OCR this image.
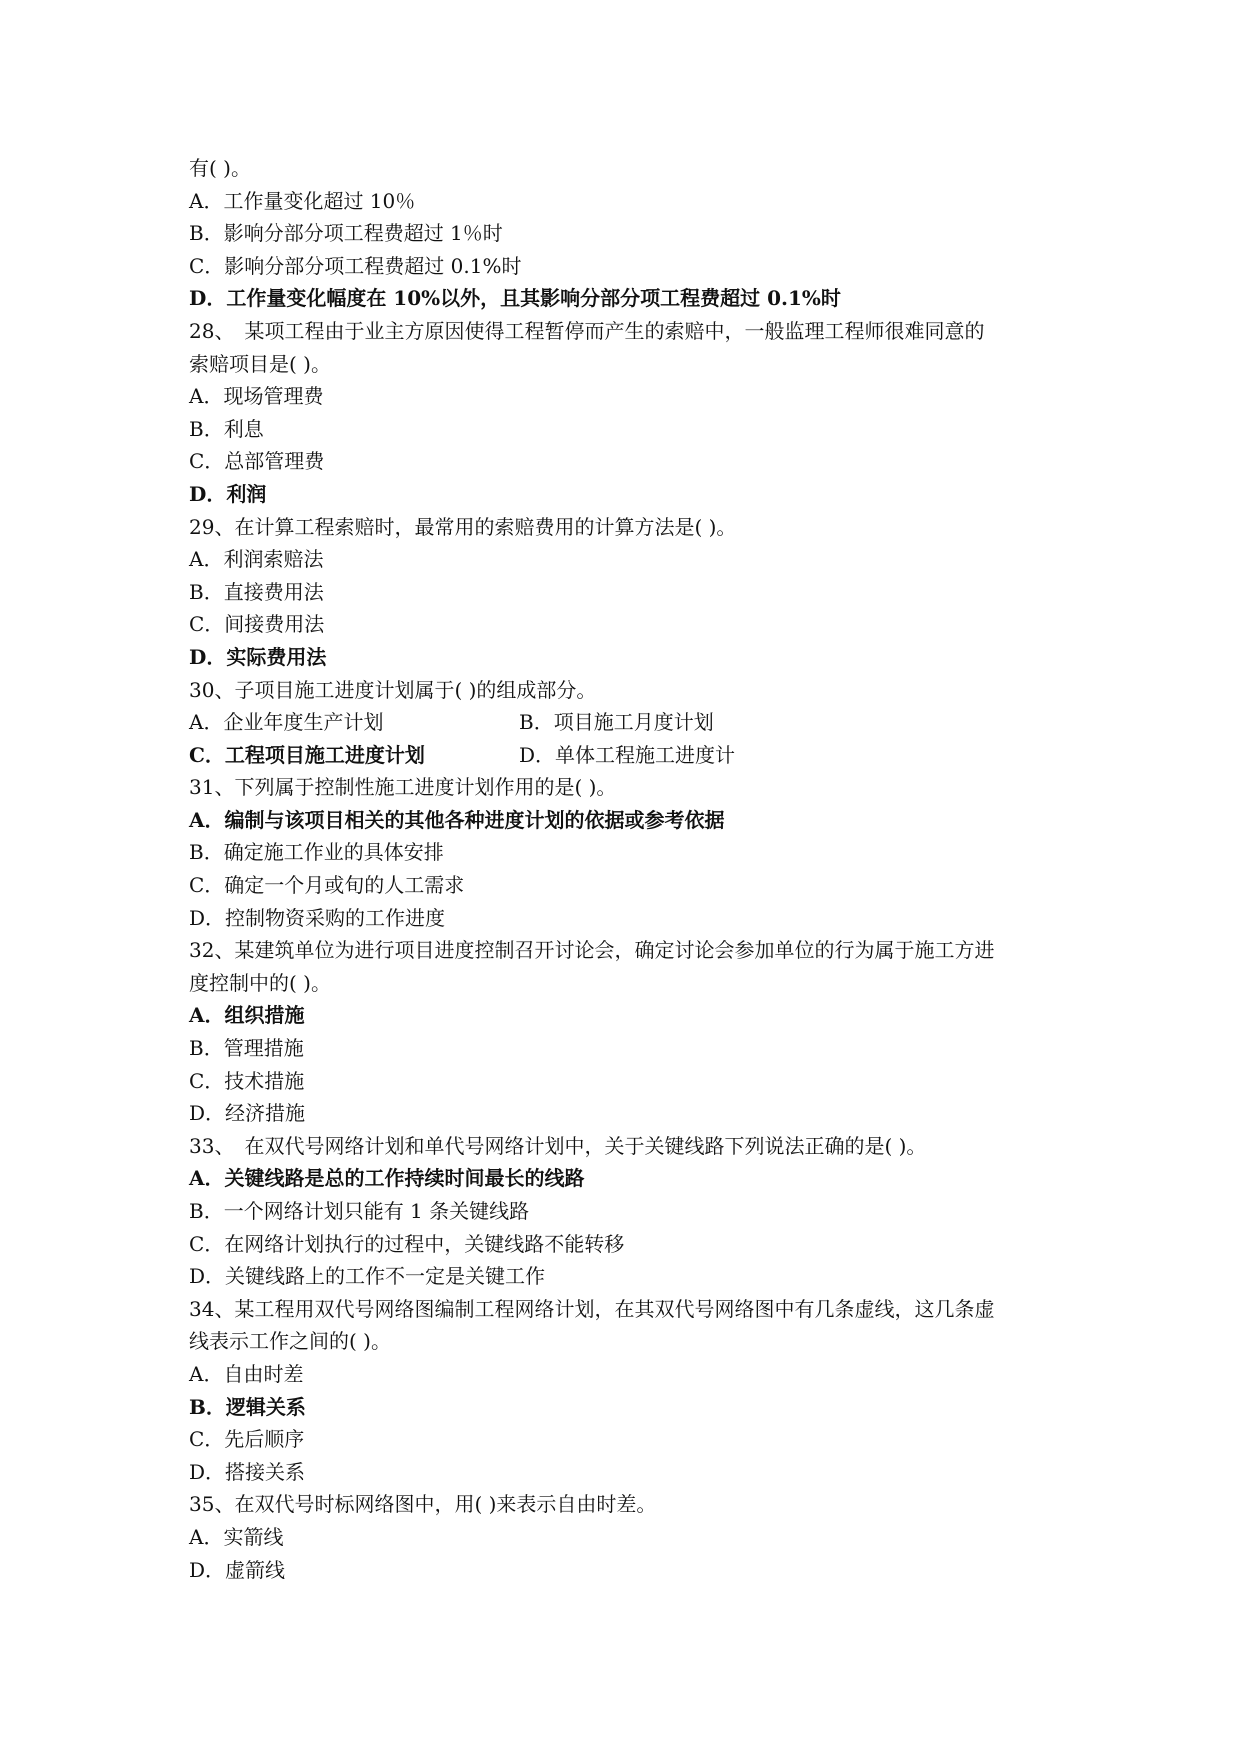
有( )。
A．工作量变化超过 10％
B．影响分部分项工程费超过 1％时
C．影响分部分项工程费超过 0.1%时
D．工作量变化幅度在 10%以外，且其影响分部分项工程费超过 0.1%时
28、　某项工程由于业主方原因使得工程暂停而产生的索赔中，一般监理工程师很难同意的
索赔项目是( )。
A．现场管理费
B．利息
C．总部管理费
D．利润
29、在计算工程索赔时，最常用的索赔费用的计算方法是( )。
A．利润索赔法
B．直接费用法
C．间接费用法
D．实际费用法
30、子项目施工进度计划属于( )的组成部分。
A．企业年度生产计划	B．项目施工月度计划
C．工程项目施工进度计划	D．单体工程施工进度计
31、下列属于控制性施工进度计划作用的是( )。
A．编制与该项目相关的其他各种进度计划的依据或参考依据
B．确定施工作业的具体安排
C．确定一个月或旬的人工需求
D．控制物资采购的工作进度
32、某建筑单位为进行项目进度控制召开讨论会，确定讨论会参加单位的行为属于施工方进
度控制中的( )。
A．组织措施
B．管理措施
C．技术措施
D．经济措施
33、　在双代号网络计划和单代号网络计划中，关于关键线路下列说法正确的是( )。
A．关键线路是总的工作持续时间最长的线路
B．一个网络计划只能有 1 条关键线路
C．在网络计划执行的过程中，关键线路不能转移
D．关键线路上的工作不一定是关键工作
34、某工程用双代号网络图编制工程网络计划，在其双代号网络图中有几条虚线，这几条虚
线表示工作之间的( )。
A．自由时差
B．逻辑关系
C．先后顺序
D．搭接关系
35、在双代号时标网络图中，用( )来表示自由时差。
A．实箭线
D．虚箭线
